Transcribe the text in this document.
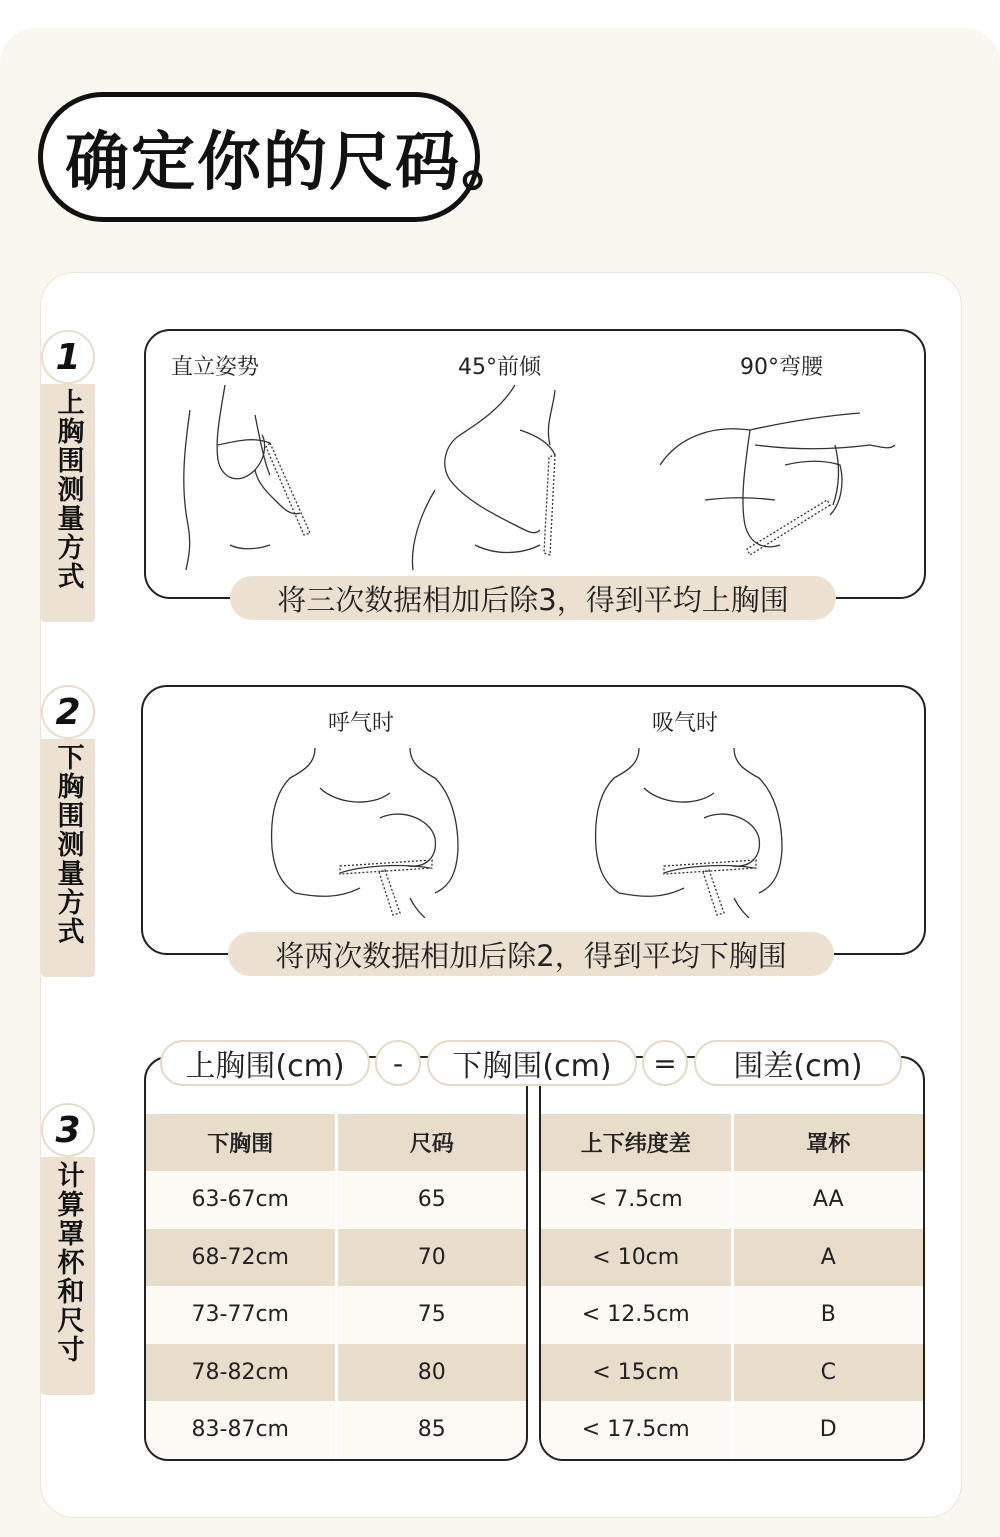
确定你的尺码。
1
上胸围测量方式
直立姿势	45°前倾	90°弯腰
将三次数据相加后除3，得到平均上胸围
2
下胸围测量方式
呼气时	吸气时
将两次数据相加后除2，得到平均下胸围
3
计算罩杯和尺寸
下胸围	尺码
63-67cm	65
68-72cm	70
73-77cm	75
78-82cm	80
83-87cm	85
上下纬度差	罩杯
< 7.5cm	AA
< 10cm	A
< 12.5cm	B
< 15cm	C
< 17.5cm	D
上胸围(cm)	-	下胸围(cm)	=	围差(cm)
